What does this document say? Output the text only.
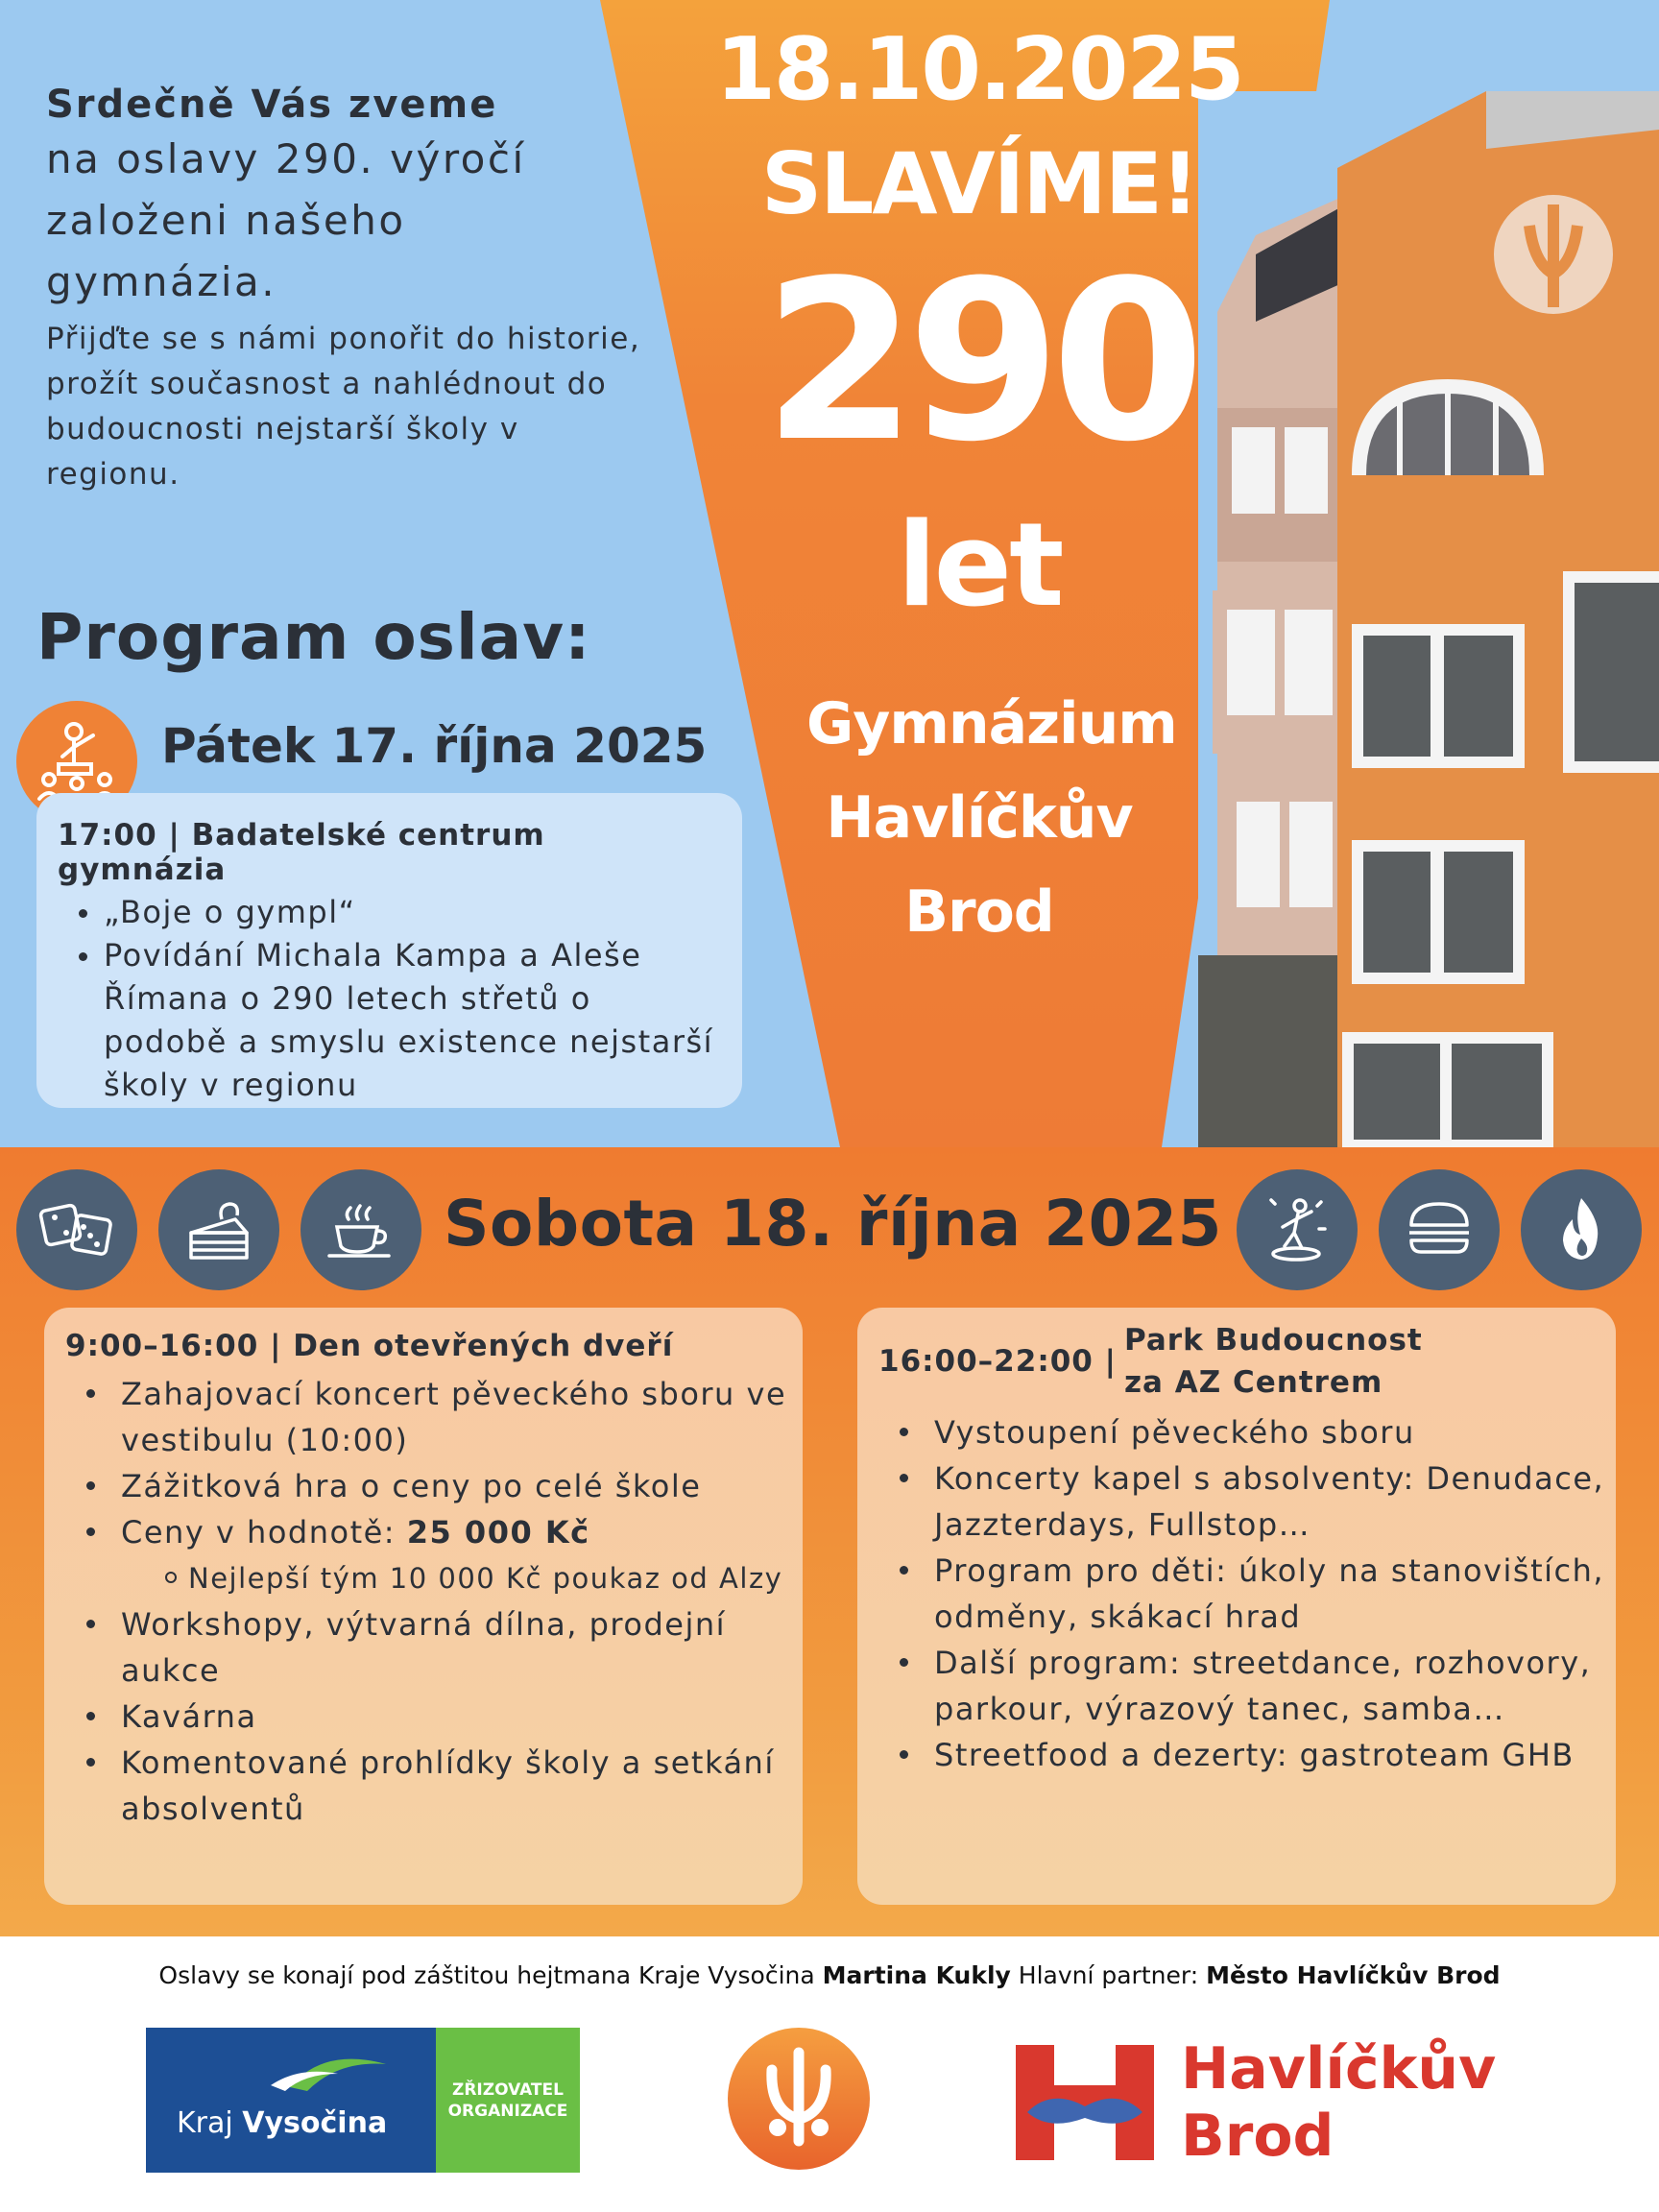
Srdečně Vás zveme
na oslavy 290. výročí založeni našeho gymnázia.
Přijďte se s námi ponořit do historie, prožít současnost a nahlédnout do budoucnosti nejstarší školy v regionu.
Program oslav:
Pátek 17. října 2025
17:00 | Badatelské centrum gymnázia
„Boje o gympl“
Povídání Michala Kampa a Aleše Římana o 290 letech střetů o podobě a smyslu existence nejstarší školy v regionu
18.10.2025
SLAVÍME!
290
let
Gymnázium Havlíčkův Brod
Sobota 18. října 2025
9:00–16:00 | Den otevřených dveří
Zahajovací koncert pěveckého sboru ve vestibulu (10:00)
Zážitková hra o ceny po celé škole
Ceny v hodnotě: 25 000 Kč
Nejlepší tým 10 000 Kč poukaz od Alzy
Workshopy, výtvarná dílna, prodejní aukce
Kavárna
Komentované prohlídky školy a setkání absolventů
16:00–22:00 |
Park Budoucnost za AZ Centrem
Vystoupení pěveckého sboru
Koncerty kapel s absolventy: Denudace, Jazzterdays, Fullstop…
Program pro děti: úkoly na stanovištích, odměny, skákací hrad
Další program: streetdance, rozhovory, parkour, výrazový tanec, samba…
Streetfood a dezerty: gastroteam GHB
Oslavy se konají pod záštitou hejtmana Kraje Vysočina Martina Kukly Hlavní partner: Město Havlíčkův Brod
Kraj Vysočina
ZŘIZOVATEL
ORGANIZACE
Havlíčkův
Brod
